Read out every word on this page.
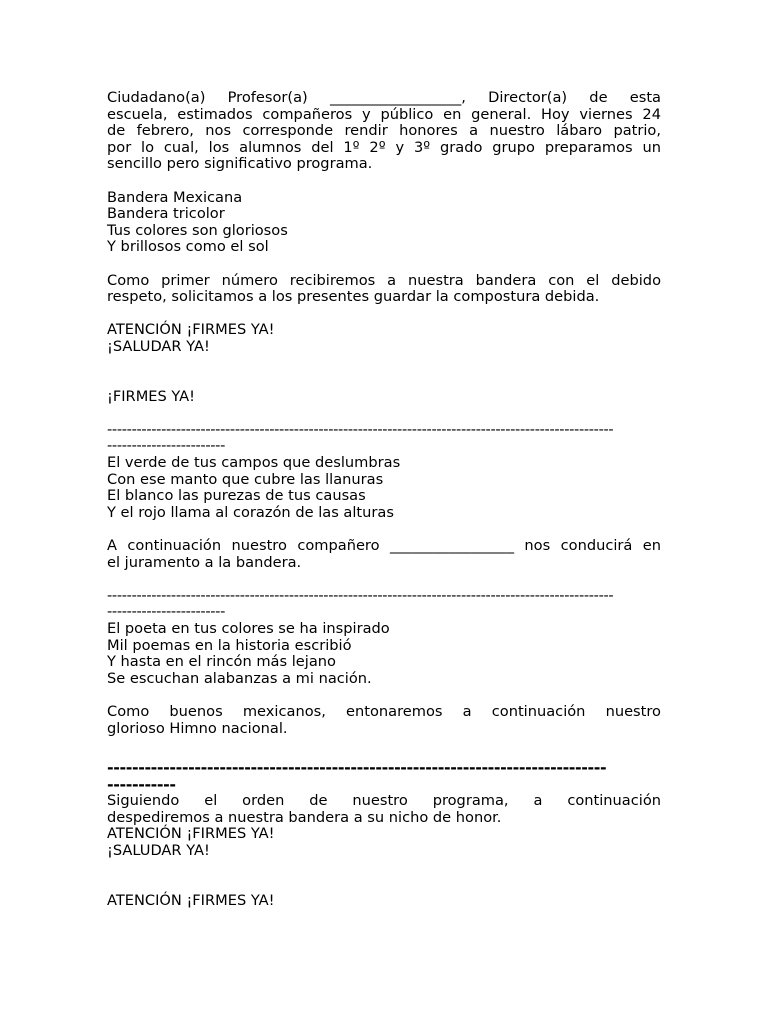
Ciudadano(a) Profesor(a) __________________, Director(a) de esta
escuela, estimados compañeros y público en general. Hoy viernes 24
de febrero, nos corresponde rendir honores a nuestro lábaro patrio,
por lo cual, los alumnos del 1º 2º y 3º grado grupo preparamos un
sencillo pero significativo programa.
Bandera Mexicana
Bandera tricolor
Tus colores son gloriosos
Y brillosos como el sol
Como primer número recibiremos a nuestra bandera con el debido
respeto, solicitamos a los presentes guardar la compostura debida.
ATENCIÓN ¡FIRMES YA!
¡SALUDAR YA!
¡FIRMES YA!
-------------------------------------------------------------------------------------------------------
------------------------
El verde de tus campos que deslumbras
Con ese manto que cubre las llanuras
El blanco las purezas de tus causas
Y el rojo llama al corazón de las alturas
A continuación nuestro compañero _________________ nos conducirá en
el juramento a la bandera.
-------------------------------------------------------------------------------------------------------
------------------------
El poeta en tus colores se ha inspirado
Mil poemas en la historia escribió
Y hasta en el rincón más lejano
Se escuchan alabanzas a mi nación.
Como buenos mexicanos, entonaremos a continuación nuestro
glorioso Himno nacional.
--------------------------------------------------------------------------------
-----------
Siguiendo el orden de nuestro programa, a continuación
despediremos a nuestra bandera a su nicho de honor.
ATENCIÓN ¡FIRMES YA!
¡SALUDAR YA!
ATENCIÓN ¡FIRMES YA!
